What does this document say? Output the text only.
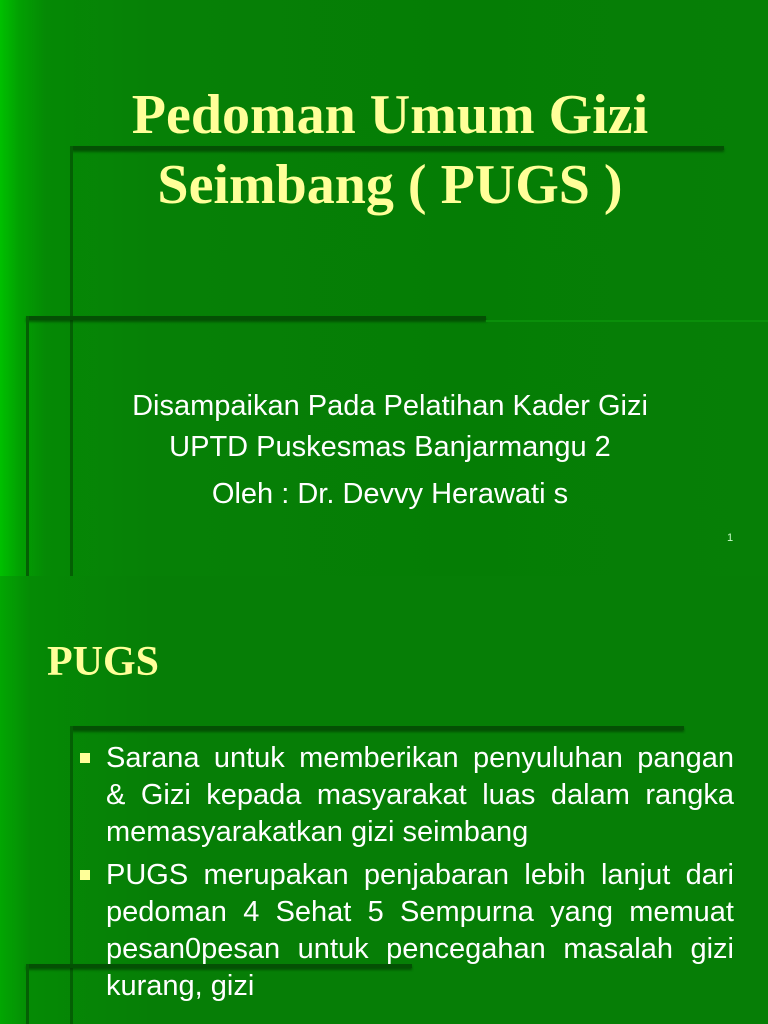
Pedoman Umum Gizi
Seimbang ( PUGS )
Disampaikan Pada Pelatihan Kader Gizi
UPTD Puskesmas Banjarmangu 2
Oleh : Dr. Devvy Herawati s
1
PUGS
Sarana untuk memberikan penyuluhan pangan & Gizi kepada masyarakat luas dalam rangka memasyarakatkan gizi seimbang
PUGS merupakan penjabaran lebih lanjut dari pedoman 4 Sehat 5 Sempurna yang memuat pesan0pesan untuk pencegahan masalah gizi kurang, gizi
